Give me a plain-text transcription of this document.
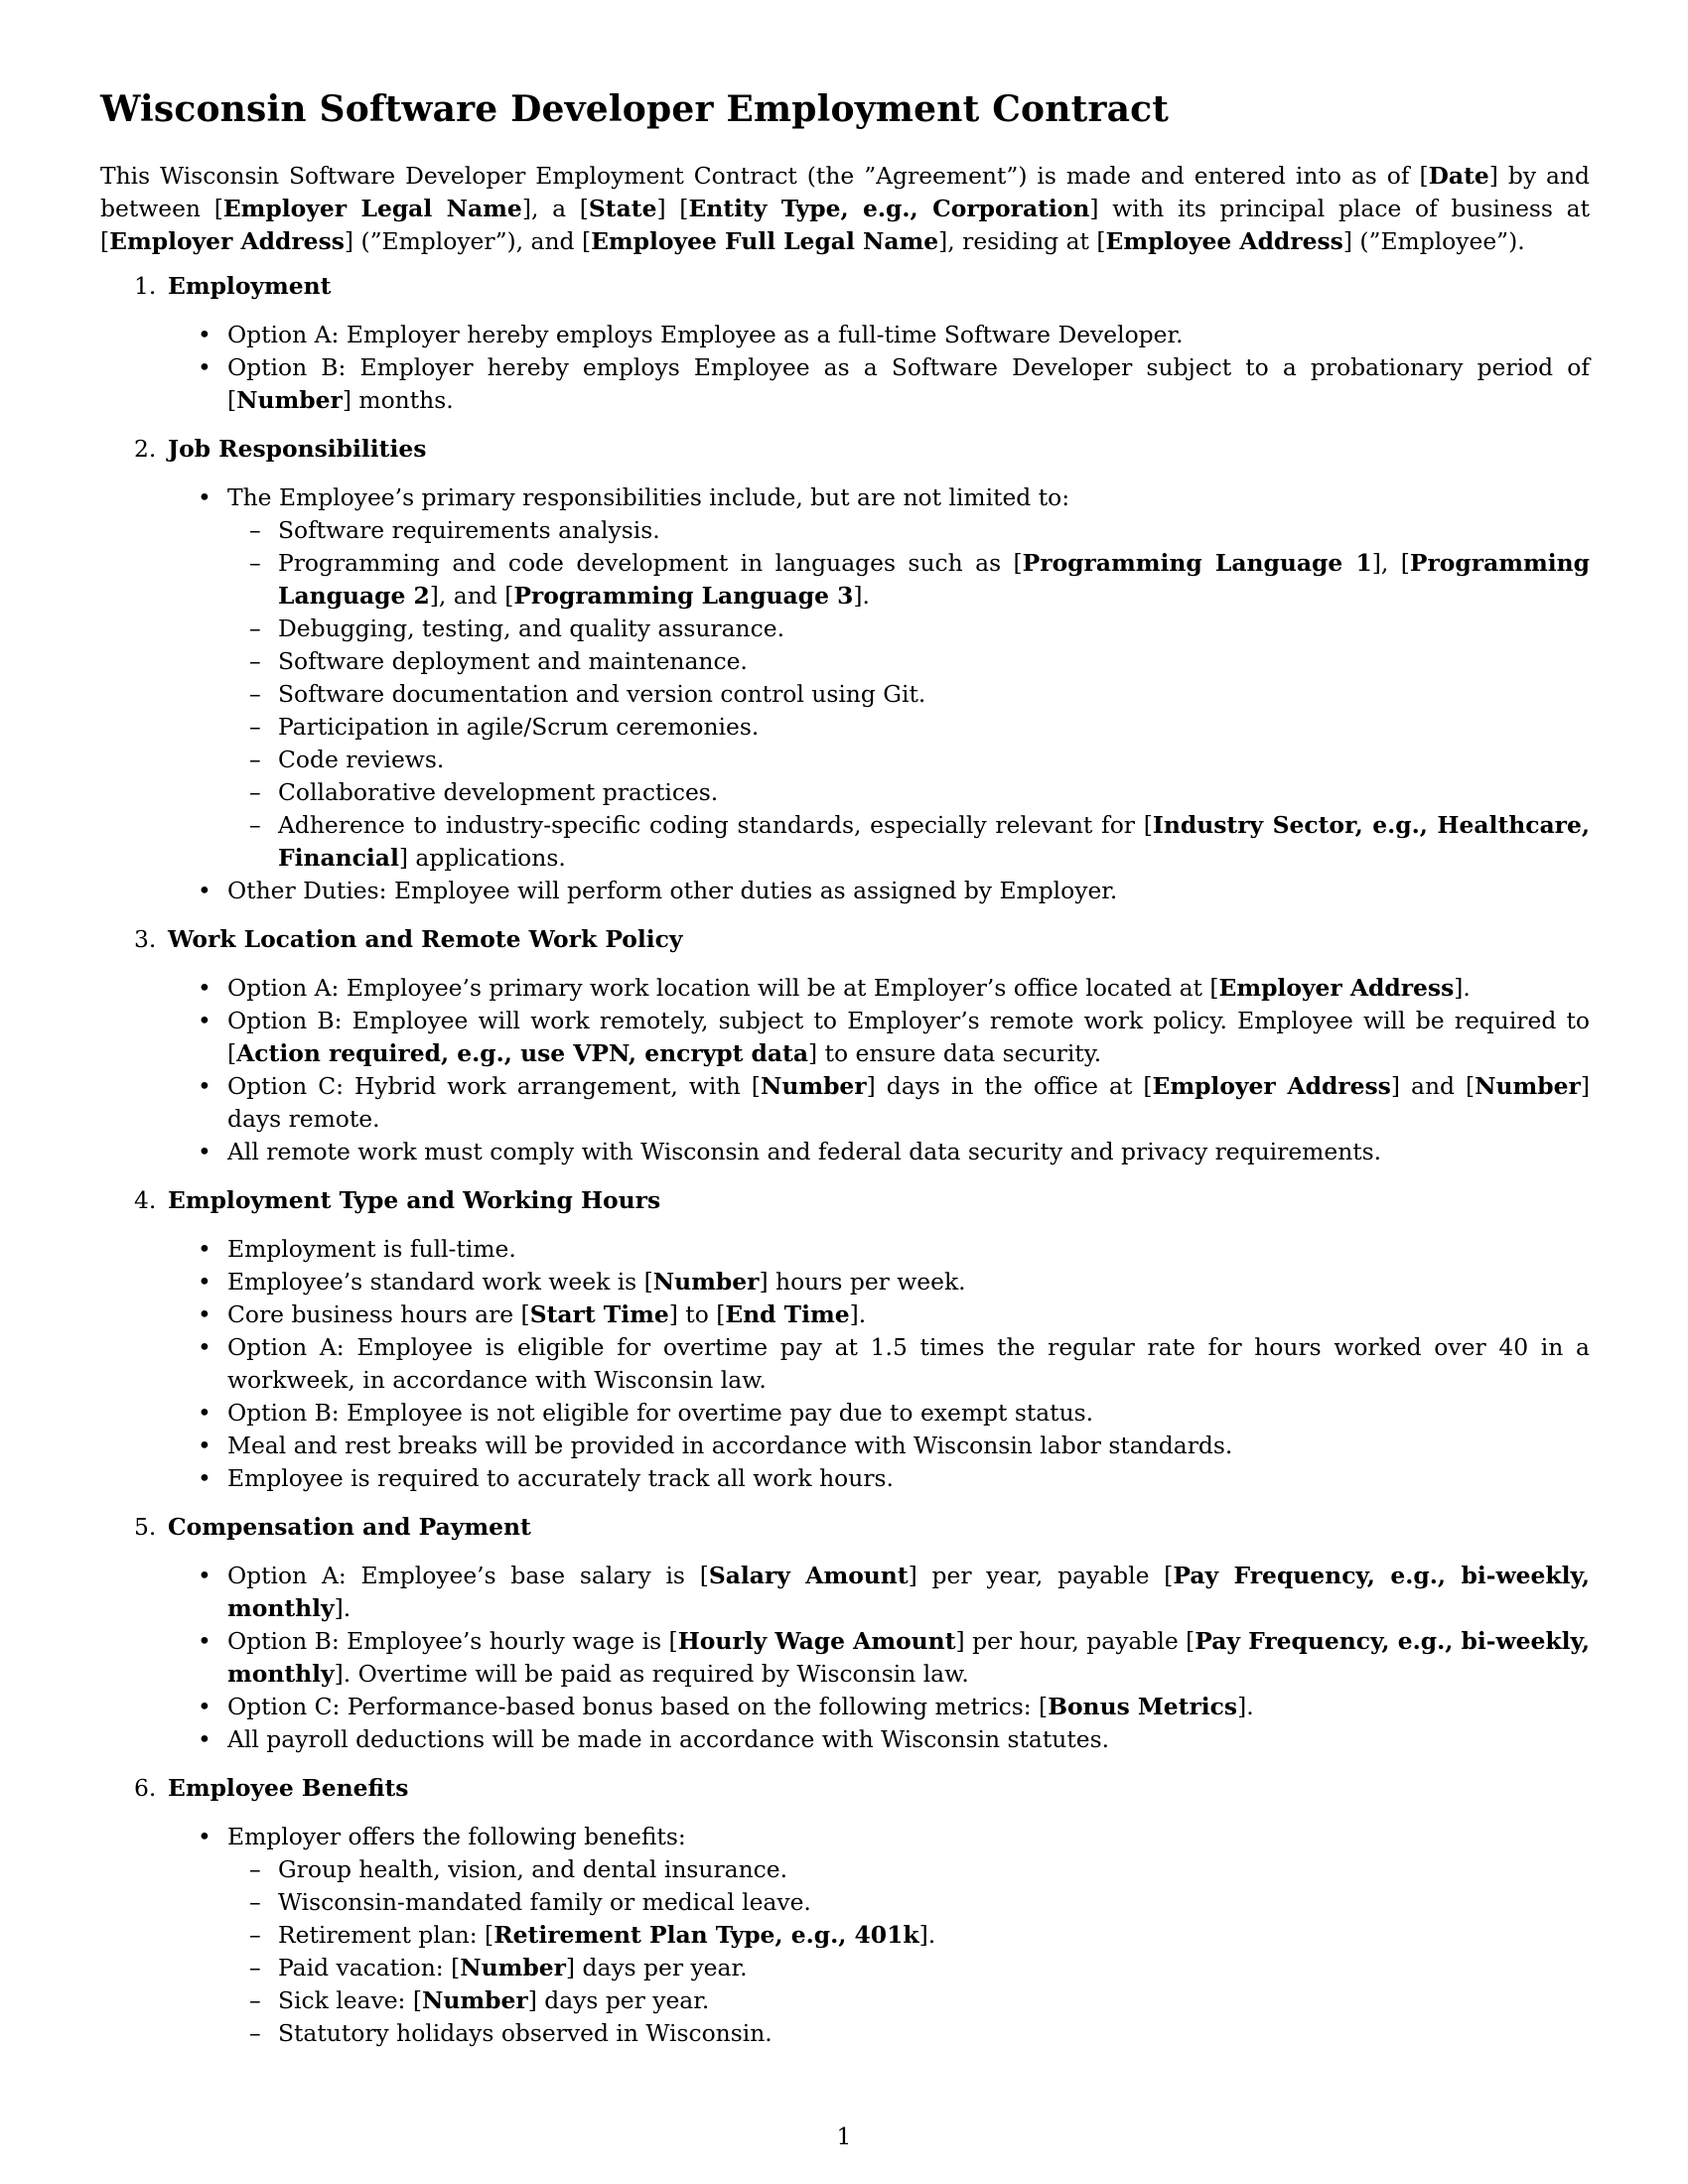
Wisconsin Software Developer Employment Contract

This Wisconsin Software Developer Employment Contract (the ”Agreement”) is made and entered into as of [Date] by and between [Employer Legal Name], a [State] [Entity Type, e.g., Corporation] with its principal place of business at [Employer Address] (”Employer”), and [Employee Full Legal Name], residing at [Employee Address] (”Employee”).

1. Employment
• Option A: Employer hereby employs Employee as a full-time Software Developer.
• Option B: Employer hereby employs Employee as a Software Developer subject to a probationary period of [Number] months.
2. Job Responsibilities
• The Employee’s primary responsibilities include, but are not limited to:
– Software requirements analysis.
– Programming and code development in languages such as [Programming Language 1], [Programming Language 2], and [Programming Language 3].
– Debugging, testing, and quality assurance.
– Software deployment and maintenance.
– Software documentation and version control using Git.
– Participation in agile/Scrum ceremonies.
– Code reviews.
– Collaborative development practices.
– Adherence to industry-specific coding standards, especially relevant for [Industry Sector, e.g., Healthcare, Financial] applications.
• Other Duties: Employee will perform other duties as assigned by Employer.
3. Work Location and Remote Work Policy
• Option A: Employee’s primary work location will be at Employer’s office located at [Employer Address].
• Option B: Employee will work remotely, subject to Employer’s remote work policy. Employee will be required to [Action required, e.g., use VPN, encrypt data] to ensure data security.
• Option C: Hybrid work arrangement, with [Number] days in the office at [Employer Address] and [Number] days remote.
• All remote work must comply with Wisconsin and federal data security and privacy requirements.
4. Employment Type and Working Hours
• Employment is full-time.
• Employee’s standard work week is [Number] hours per week.
• Core business hours are [Start Time] to [End Time].
• Option A: Employee is eligible for overtime pay at 1.5 times the regular rate for hours worked over 40 in a workweek, in accordance with Wisconsin law.
• Option B: Employee is not eligible for overtime pay due to exempt status.
• Meal and rest breaks will be provided in accordance with Wisconsin labor standards.
• Employee is required to accurately track all work hours.
5. Compensation and Payment
• Option A: Employee’s base salary is [Salary Amount] per year, payable [Pay Frequency, e.g., bi-weekly, monthly].
• Option B: Employee’s hourly wage is [Hourly Wage Amount] per hour, payable [Pay Frequency, e.g., bi-weekly, monthly]. Overtime will be paid as required by Wisconsin law.
• Option C: Performance-based bonus based on the following metrics: [Bonus Metrics].
• All payroll deductions will be made in accordance with Wisconsin statutes.
6. Employee Benefits
• Employer offers the following benefits:
– Group health, vision, and dental insurance.
– Wisconsin-mandated family or medical leave.
– Retirement plan: [Retirement Plan Type, e.g., 401k].
– Paid vacation: [Number] days per year.
– Sick leave: [Number] days per year.
– Statutory holidays observed in Wisconsin.
1
